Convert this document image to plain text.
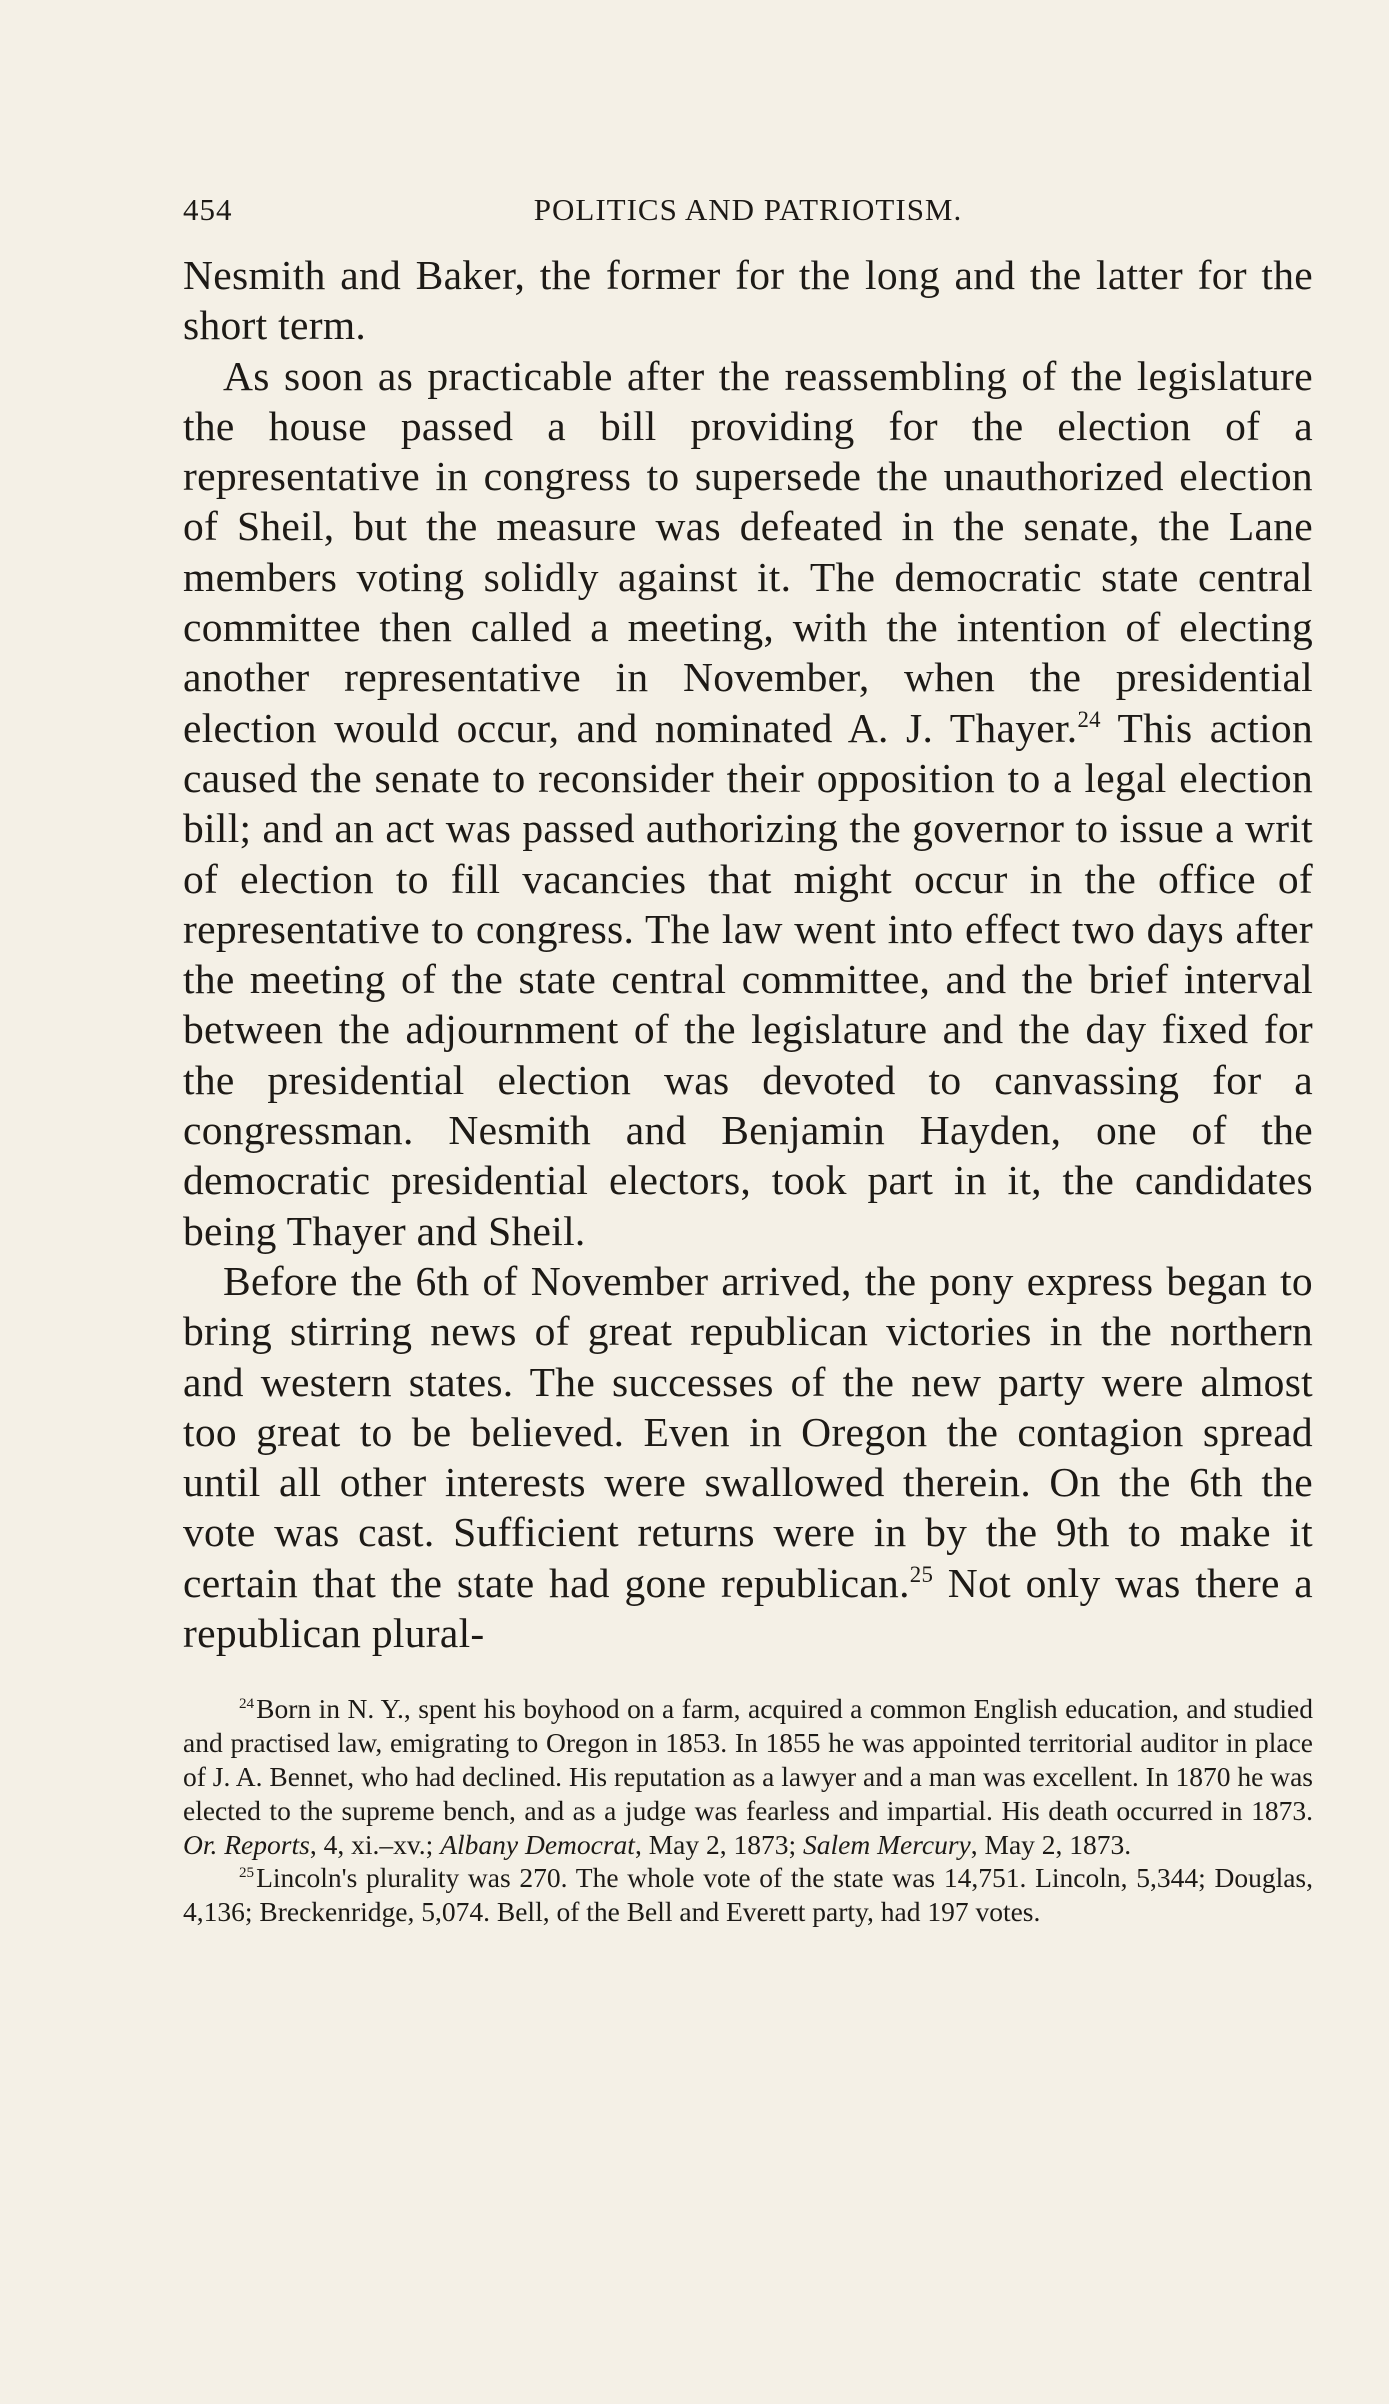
454	POLITICS AND PATRIOTISM.

Nesmith and Baker, the former for the long and the latter for the short term.

As soon as practicable after the reassembling of the legislature the house passed a bill providing for the election of a representative in congress to supersede the unauthorized election of Sheil, but the measure was defeated in the senate, the Lane members voting solidly against it. The democratic state central committee then called a meeting, with the intention of electing another representative in November, when the presidential election would occur, and nominated A. J. Thayer.$^{24}$ This action caused the senate to reconsider their opposition to a legal election bill; and an act was passed authorizing the governor to issue a writ of election to fill vacancies that might occur in the office of representative to congress. The law went into effect two days after the meeting of the state central committee, and the brief interval between the adjournment of the legislature and the day fixed for the presidential election was devoted to canvassing for a congressman. Nesmith and Benjamin Hayden, one of the democratic presidential electors, took part in it, the candidates being Thayer and Sheil.

Before the 6th of November arrived, the pony express began to bring stirring news of great republican victories in the northern and western states. The successes of the new party were almost too great to be believed. Even in Oregon the contagion spread until all other interests were swallowed therein. On the 6th the vote was cast. Sufficient returns were in by the 9th to make it certain that the state had gone republican.$^{25}$ Not only was there a republican plural-

$^{24}$Born in N. Y., spent his boyhood on a farm, acquired a common English education, and studied and practised law, emigrating to Oregon in 1853. In 1855 he was appointed territorial auditor in place of J. A. Bennet, who had declined. His reputation as a lawyer and a man was excellent. In 1870 he was elected to the supreme bench, and as a judge was fearless and impartial. His death occurred in 1873. Or. Reports, 4, xi.–xv.; Albany Democrat, May 2, 1873; Salem Mercury, May 2, 1873.

$^{25}$Lincoln's plurality was 270. The whole vote of the state was 14,751. Lincoln, 5,344; Douglas, 4,136; Breckenridge, 5,074. Bell, of the Bell and Everett party, had 197 votes.
